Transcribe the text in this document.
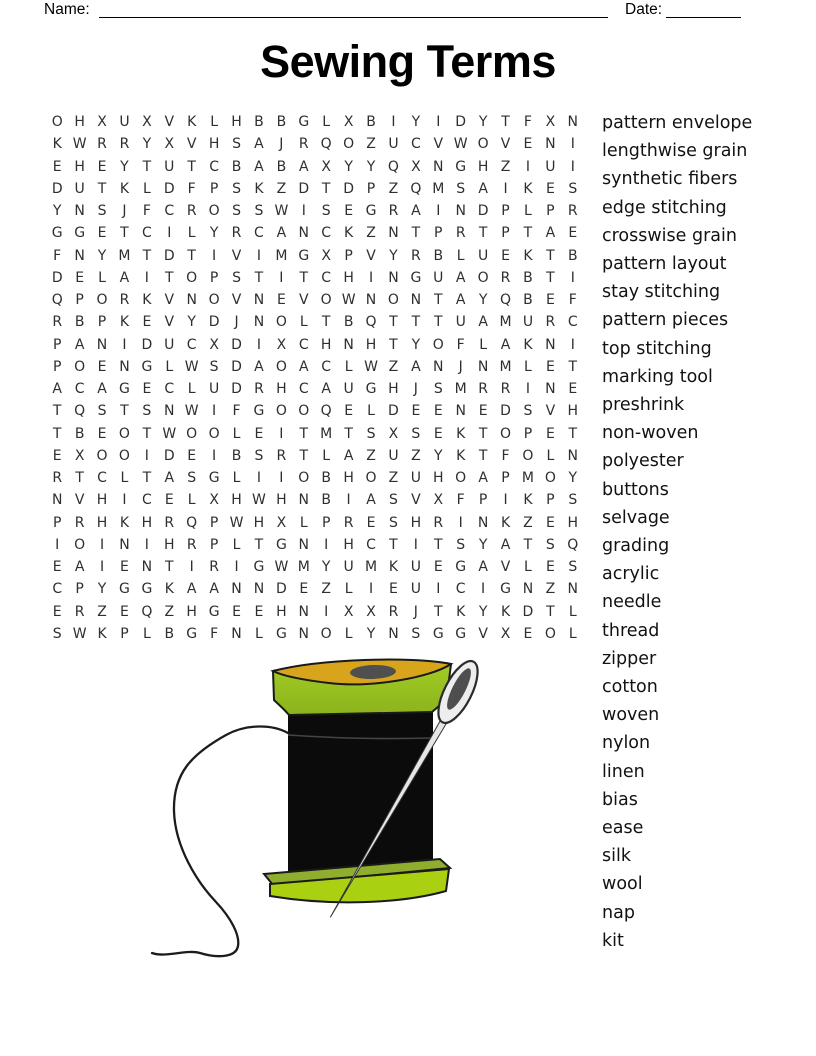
Name:	Date:
Sewing Terms
O H X U X V K L H B B G L X B	I	Y	I	D Y T	F X N
K W R R Y X V H S A	J	R Q O Z U C V W O V E N	I
E H E Y T U T C B A B A X Y Y Q X N G H Z	I	U	I
D U T K L D F	P S K Z D T D P Z Q M S A	I	K E S
Y N S	J	F C R O S S W I	S E G R A	I	N D P	L	P R
G G E T C	I	L	Y R C A N C K Z N T P R T P T A E
F N Y M T D T	I	V	I	M G X P V Y R B L U E K T B
D E	L A	I	T O P S T	I	T C H	I	N G U A O R B T	I
Q P O R K V N O V N E V O W N O N T A Y Q B E F
R B P K E V Y D	J	N O L	T B Q T T T U A M U R C
P A N	I	D U C X D	I	X C H N H T Y O F	L A K N	I
P O E N G L W S D A O A C L W Z A N	J	N M L	E T
A C A G E C L U D R H C A U G H	J	S M R R	I	N E
T Q S T S N W I	F G O O Q E	L D E E N E D S V H
T B E O T W O O L	E	I	T M T S X S E K T O P E T
E X O O	I	D E	I	B S R T	L A Z U Z Y K T	F O L N
R T C L	T A S G L	I	I	O B H O Z U H O A P M O Y
N V H	I	C E	L X H W H N B	I	A S V X F	P	I	K P S
P R H K H R Q P W H X L	P R E S H R	I	N K Z E H
I	O	I	N	I	H R P	L	T G N	I	H C T	I	T S Y A T S Q
E A	I	E N T	I	R	I	G W M Y U M K U E G A V L	E S
C P Y G G K A A N N D E Z L	I	E U	I	C	I	G N Z N
E R Z E Q Z H G E E H N	I	X X R	J	T K Y K D T	L
S W K P	L B G F N L G N O L	Y N S G G V X E O L
pattern envelope
lengthwise grain
synthetic fibers
edge stitching
crosswise grain
pattern layout
stay stitching
pattern pieces
top stitching
marking tool
preshrink
non-woven
polyester
buttons
selvage
grading
acrylic
needle
thread
zipper
cotton
woven
nylon
linen
bias
ease
silk
wool
nap
kit
